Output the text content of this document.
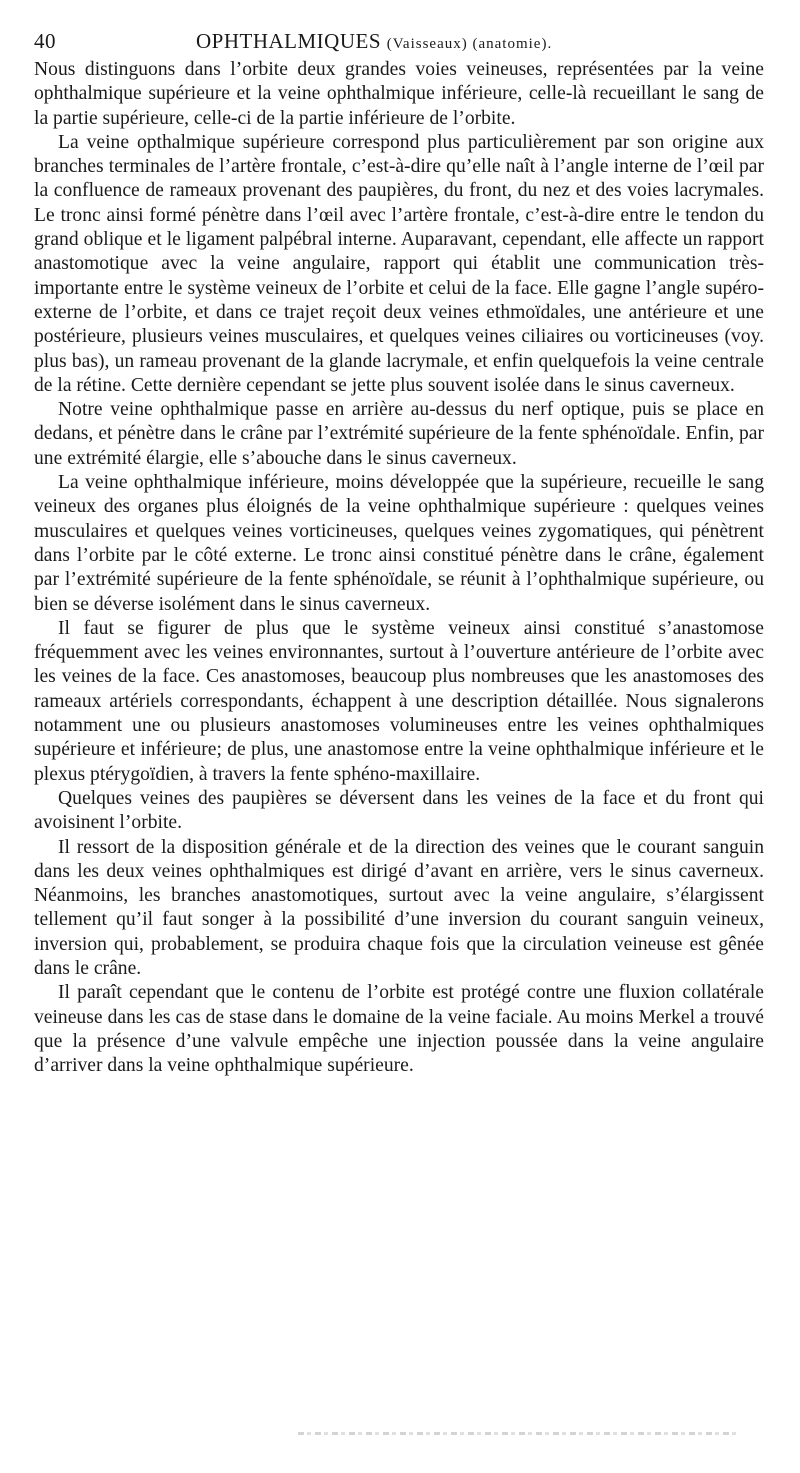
40	OPHTHALMIQUES (Vaisseaux) (anatomie).

Nous distinguons dans l’orbite deux grandes voies veineuses, représentées par la veine ophthalmique supérieure et la veine ophthalmique inférieure, celle-là recueillant le sang de la partie supérieure, celle-ci de la partie inférieure de l’orbite.

La veine opthalmique supérieure correspond plus particulièrement par son origine aux branches terminales de l’artère frontale, c’est-à-dire qu’elle naît à l’angle interne de l’œil par la confluence de rameaux provenant des paupières, du front, du nez et des voies lacrymales. Le tronc ainsi formé pénètre dans l’œil avec l’artère frontale, c’est-à-dire entre le tendon du grand oblique et le ligament palpébral interne. Auparavant, cependant, elle affecte un rapport anastomotique avec la veine angulaire, rapport qui établit une communication très-importante entre le système veineux de l’orbite et celui de la face. Elle gagne l’angle supéro-externe de l’orbite, et dans ce trajet reçoit deux veines ethmoïdales, une antérieure et une postérieure, plusieurs veines musculaires, et quelques veines ciliaires ou vorticineuses (voy. plus bas), un rameau provenant de la glande lacrymale, et enfin quelquefois la veine centrale de la rétine. Cette dernière cependant se jette plus souvent isolée dans le sinus caverneux.

Notre veine ophthalmique passe en arrière au-dessus du nerf optique, puis se place en dedans, et pénètre dans le crâne par l’extrémité supérieure de la fente sphénoïdale. Enfin, par une extrémité élargie, elle s’abouche dans le sinus caverneux.

La veine ophthalmique inférieure, moins développée que la supérieure, recueille le sang veineux des organes plus éloignés de la veine ophthalmique supérieure : quelques veines musculaires et quelques veines vorticineuses, quelques veines zygomatiques, qui pénètrent dans l’orbite par le côté externe. Le tronc ainsi constitué pénètre dans le crâne, également par l’extrémité supérieure de la fente sphénoïdale, se réunit à l’ophthalmique supérieure, ou bien se déverse isolément dans le sinus caverneux.

Il faut se figurer de plus que le système veineux ainsi constitué s’anastomose fréquemment avec les veines environnantes, surtout à l’ouverture antérieure de l’orbite avec les veines de la face. Ces anastomoses, beaucoup plus nombreuses que les anastomoses des rameaux artériels correspondants, échappent à une description détaillée. Nous signalerons notamment une ou plusieurs anastomoses volumineuses entre les veines ophthalmiques supérieure et inférieure; de plus, une anastomose entre la veine ophthalmique inférieure et le plexus ptérygoïdien, à travers la fente sphéno-maxillaire.

Quelques veines des paupières se déversent dans les veines de la face et du front qui avoisinent l’orbite.

Il ressort de la disposition générale et de la direction des veines que le courant sanguin dans les deux veines ophthalmiques est dirigé d’avant en arrière, vers le sinus caverneux. Néanmoins, les branches anastomotiques, surtout avec la veine angulaire, s’élargissent tellement qu’il faut songer à la possibilité d’une inversion du courant sanguin veineux, inversion qui, probablement, se produira chaque fois que la circulation veineuse est gênée dans le crâne.

Il paraît cependant que le contenu de l’orbite est protégé contre une fluxion collatérale veineuse dans les cas de stase dans le domaine de la veine faciale. Au moins Merkel a trouvé que la présence d’une valvule empêche une injection poussée dans la veine angulaire d’arriver dans la veine ophthalmique supérieure.
